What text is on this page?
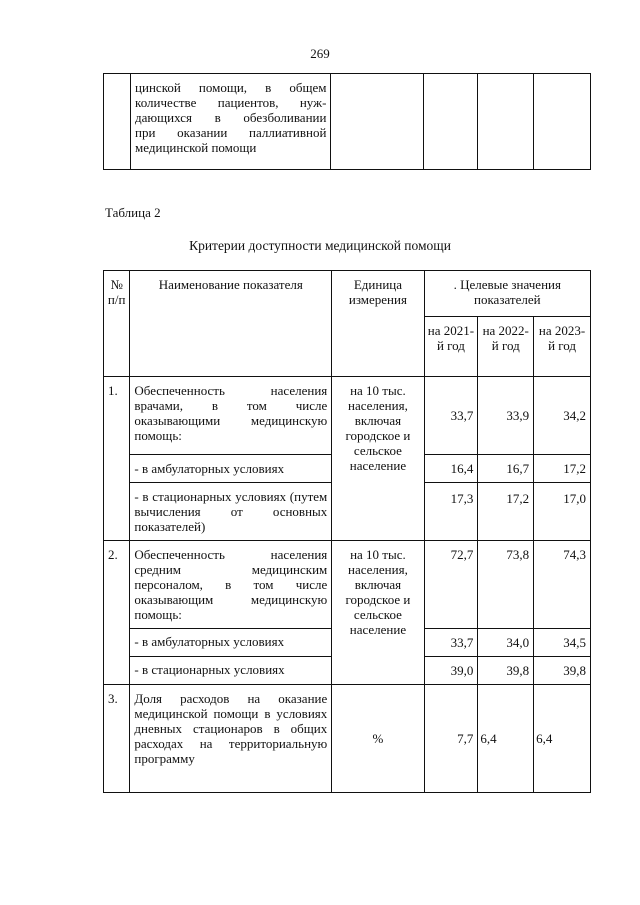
269

цинской помощи, в общем
количестве пациентов, нуж-
дающихся в обезболивании
при оказании паллиативной
медицинской помощи

Таблица 2
Критерии доступности медицинской помощи
№ п/п	Наименование показателя	Единица измерения	. Целевые значения показателей		

			на 2021-й год	на 2022-й год	на 2023-й год

1.	Обеспеченность населения врачами, в том числе оказывающими медицинскую помощь:	на 10 тыс. населения, включая городское и сельское население	33,7	33,9	34,2

	- в амбулаторных условиях		16,4	16,7	17,2

	- в стационарных условиях (путем вычисления от основных показателей)		17,3	17,2	17,0

2.	Обеспеченность населения средним медицинским персоналом, в том числе оказывающим медицинскую помощь:	на 10 тыс. населения, включая городское и сельское население	72,7	73,8	74,3

	- в амбулаторных условиях		33,7	34,0	34,5

	- в стационарных условиях		39,0	39,8	39,8

3.	Доля расходов на оказание медицинской помощи в условиях дневных стационаров в общих расходах на территориальную программу	%	7,7	6,4	6,4
